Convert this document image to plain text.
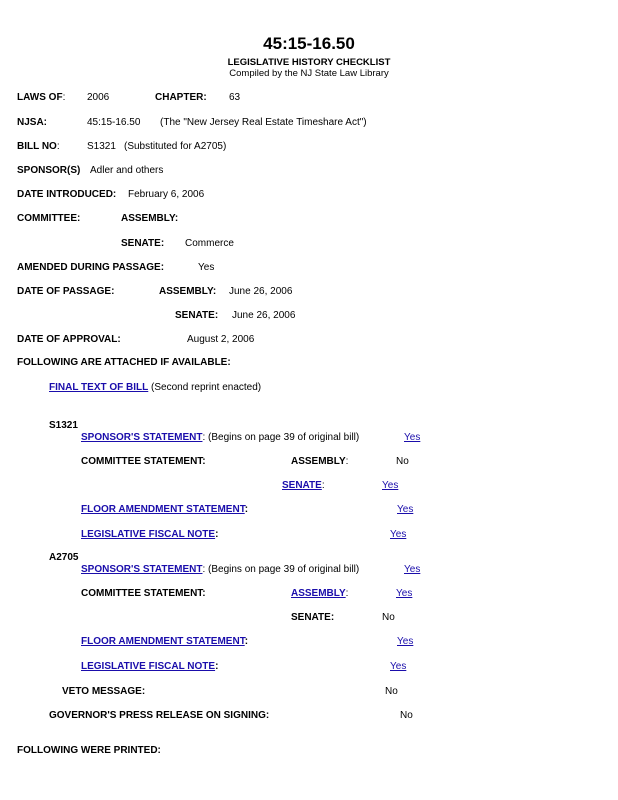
45:15-16.50
LEGISLATIVE HISTORY CHECKLIST
Compiled by the NJ State Law Library
LAWS OF: 2006	CHAPTER: 63
NJSA:	45:15-16.50 (The "New Jersey Real Estate Timeshare Act")
BILL NO:	S1321 (Substituted for A2705)
SPONSOR(S) Adler and others
DATE INTRODUCED: February 6, 2006
COMMITTEE:	ASSEMBLY:
SENATE: Commerce
AMENDED DURING PASSAGE:	Yes
DATE OF PASSAGE:	ASSEMBLY: June 26, 2006
SENATE: June 26, 2006
DATE OF APPROVAL:	August 2, 2006
FOLLOWING ARE ATTACHED IF AVAILABLE:
FINAL TEXT OF BILL (Second reprint enacted)
S1321
SPONSOR'S STATEMENT: (Begins on page 39 of original bill)	Yes
COMMITTEE STATEMENT:	ASSEMBLY:	No
SENATE:	Yes
FLOOR AMENDMENT STATEMENT:	Yes
LEGISLATIVE FISCAL NOTE:	Yes
A2705
SPONSOR'S STATEMENT: (Begins on page 39 of original bill)	Yes
COMMITTEE STATEMENT:	ASSEMBLY:	Yes
SENATE:	No
FLOOR AMENDMENT STATEMENT:	Yes
LEGISLATIVE FISCAL NOTE:	Yes
VETO MESSAGE:	No
GOVERNOR'S PRESS RELEASE ON SIGNING:	No
FOLLOWING WERE PRINTED:
